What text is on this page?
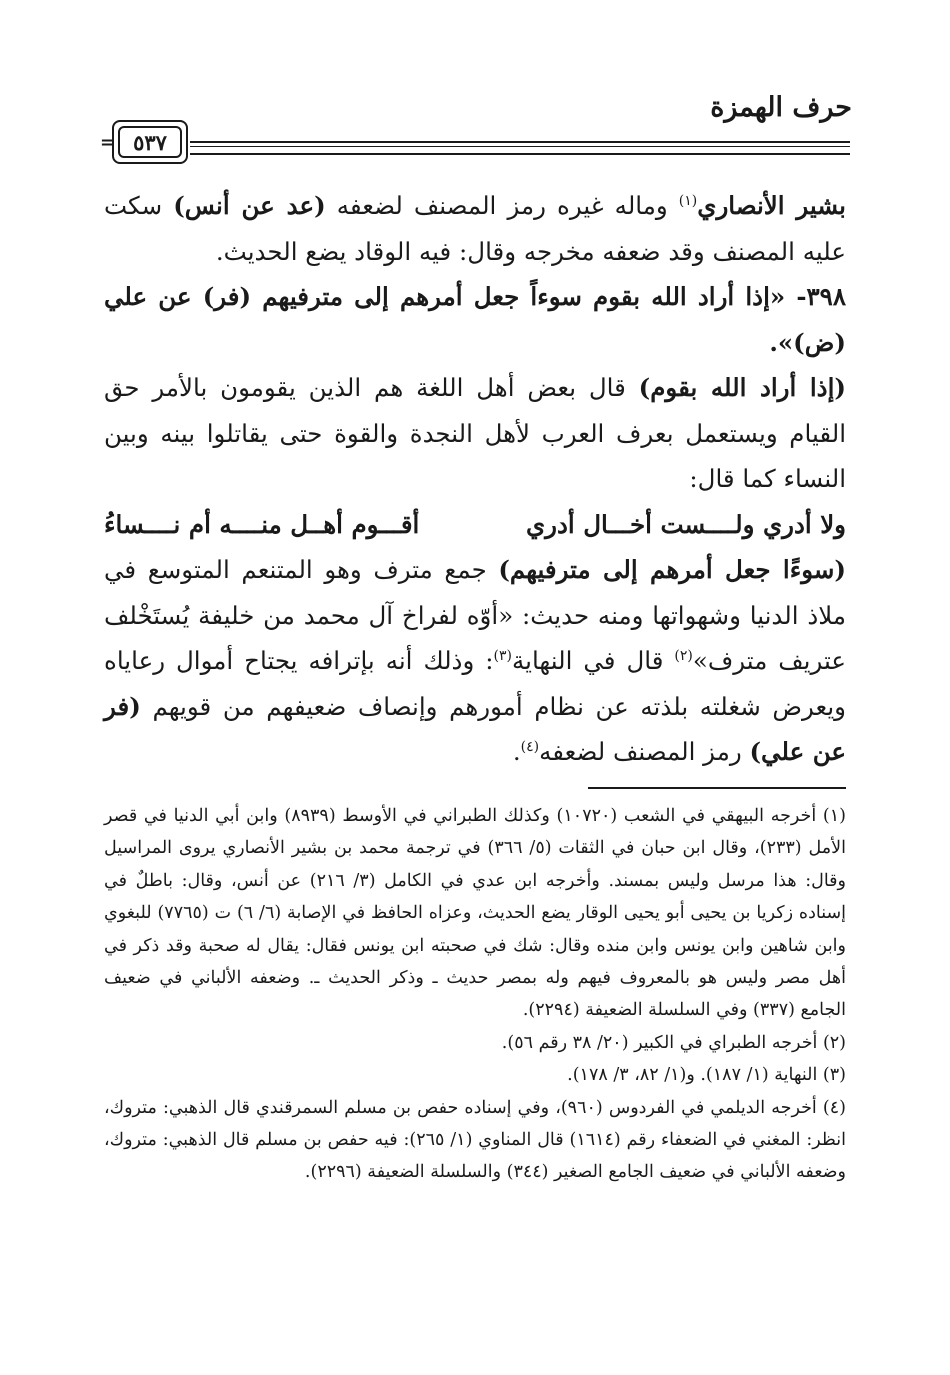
حرف الهمزة
= ٥٣٧

بشير الأنصاري$^{(١)}$ وماله غيره رمز المصنف لضعفه (عد عن أنس) سكت عليه المصنف وقد ضعفه مخرجه وقال: فيه الوقاد يضع الحديث.

٣٩٨- «إذا أراد الله بقوم سوءاً جعل أمرهم إلى مترفيهم (فر) عن علي (ض)».

(إذا أراد الله بقوم) قال بعض أهل اللغة هم الذين يقومون بالأمر حق القيام ويستعمل بعرف العرب لأهل النجدة والقوة حتى يقاتلوا بينه وبين النساء كما قال:

ولا أدري ولــــست أخـــال أدري
أقـــوم أهــل منــــه أم نــــساءُ

(سوءًا جعل أمرهم إلى مترفيهم) جمع مترف وهو المتنعم المتوسع في ملاذ الدنيا وشهواتها ومنه حديث: «أوّه لفراخ آل محمد من خليفة يُستَخْلف عتريف مترف»$^{(٢)}$ قال في النهاية$^{(٣)}$: وذلك أنه بإترافه يجتاح أموال رعاياه ويعرض شغلته بلذته عن نظام أمورهم وإنصاف ضعيفهم من قويهم (فر عن علي) رمز المصنف لضعفه$^{(٤)}$.

(١) أخرجه البيهقي في الشعب (١٠٧٢٠) وكذلك الطبراني في الأوسط (٨٩٣٩) وابن أبي الدنيا في قصر الأمل (٢٣٣)، وقال ابن حبان في الثقات (٥/ ٣٦٦) في ترجمة محمد بن بشير الأنصاري يروى المراسيل وقال: هذا مرسل وليس بمسند. وأخرجه ابن عدي في الكامل (٣/ ٢١٦) عن أنس، وقال: باطلٌ في إسناده زكريا بن يحيى أبو يحيى الوقار يضع الحديث، وعزاه الحافظ في الإصابة (٦/ ٦) ت (٧٧٦٥) للبغوي وابن شاهين وابن يونس وابن منده وقال: شك في صحبته ابن يونس فقال: يقال له صحبة وقد ذكر في أهل مصر وليس هو بالمعروف فيهم وله بمصر حديث ـ وذكر الحديث ـ. وضعفه الألباني في ضعيف الجامع (٣٣٧) وفي السلسلة الضعيفة (٢٢٩٤).

(٢) أخرجه الطبراي في الكبير (٢٠/ ٣٨ رقم ٥٦).

(٣) النهاية (١/ ١٨٧). و(١/ ٨٢، ٣/ ١٧٨).

(٤) أخرجه الديلمي في الفردوس (٩٦٠)، وفي إسناده حفص بن مسلم السمرقندي قال الذهبي: متروك، انظر: المغني في الضعفاء رقم (١٦١٤) قال المناوي (١/ ٢٦٥): فيه حفص بن مسلم قال الذهبي: متروك، وضعفه الألباني في ضعيف الجامع الصغير (٣٤٤) والسلسلة الضعيفة (٢٢٩٦).
